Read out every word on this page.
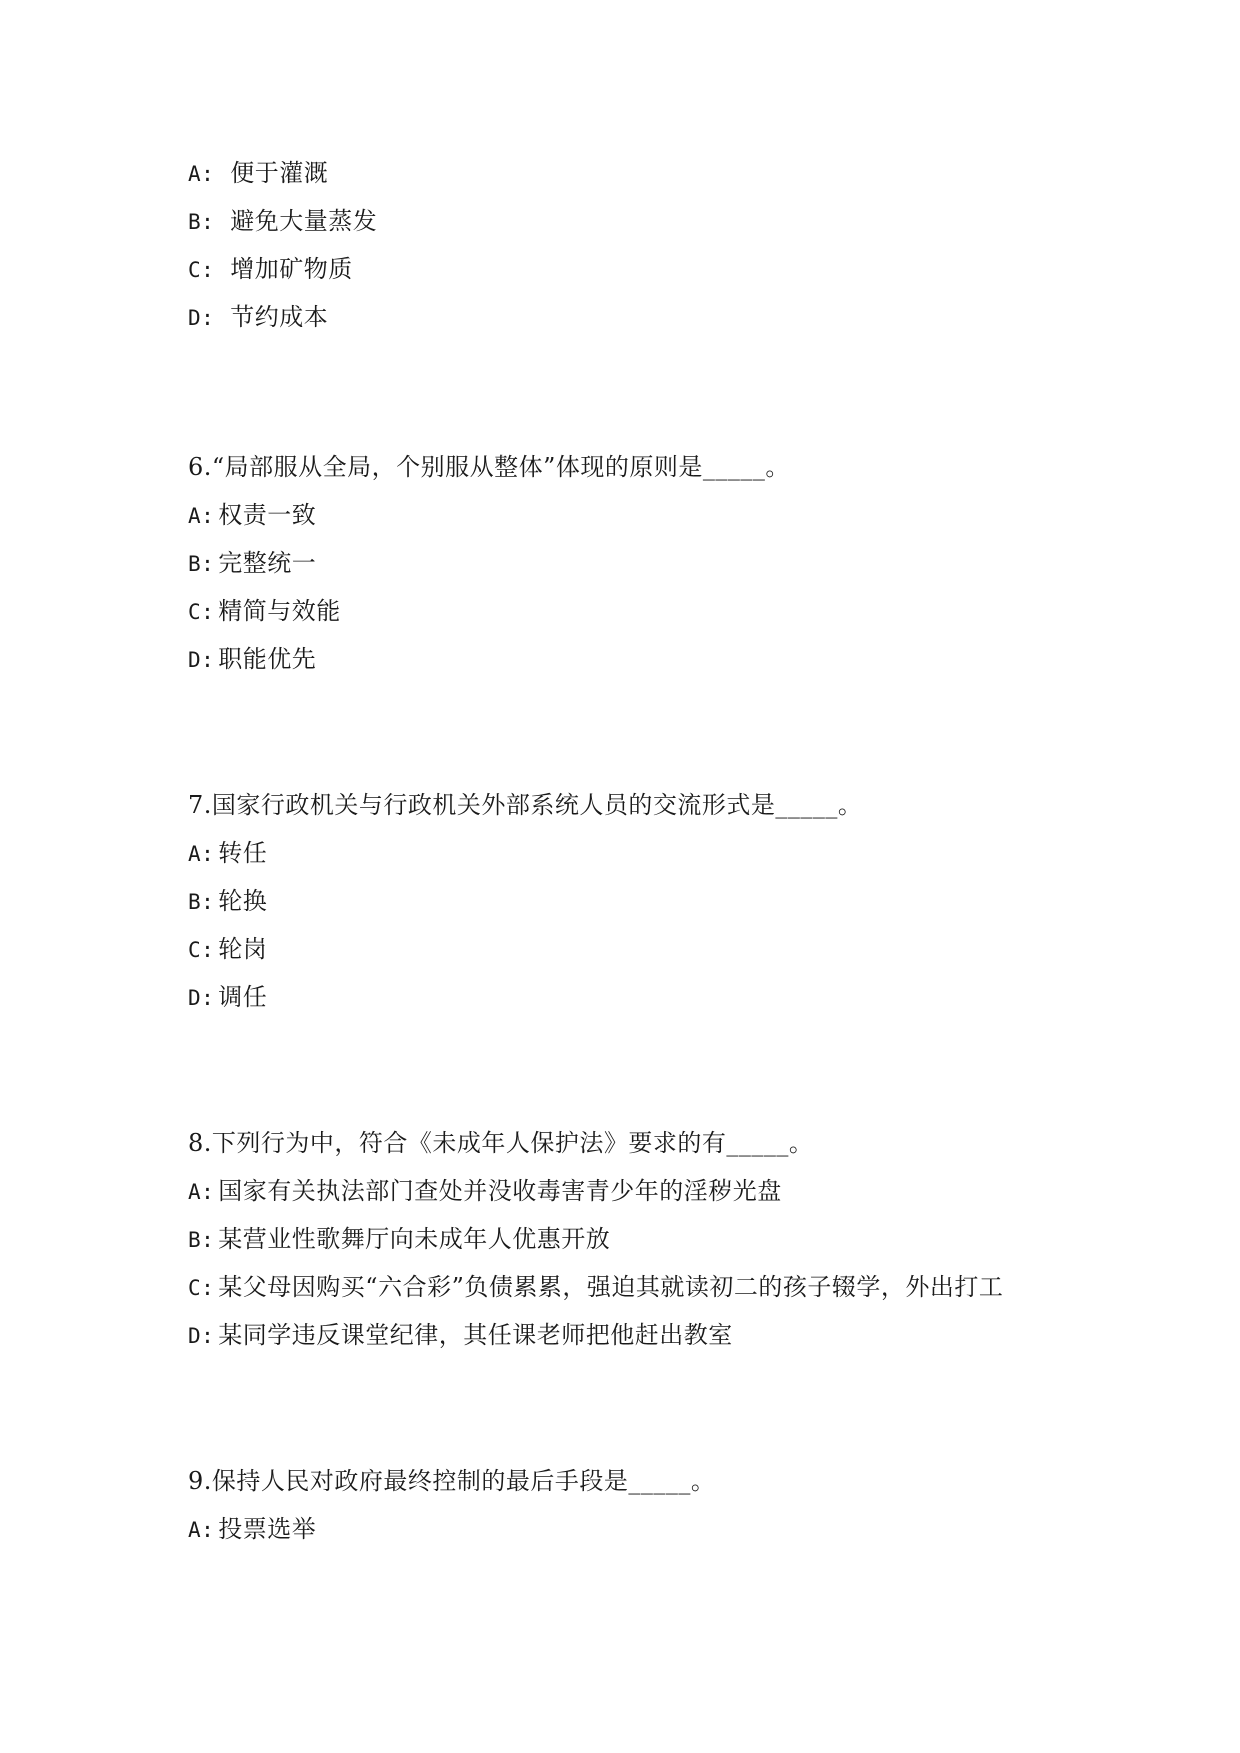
A: 便于灌溉
B: 避免大量蒸发
C: 增加矿物质
D: 节约成本
6.“局部服从全局，个别服从整体”体现的原则是_____。
A: 权责一致
B: 完整统一
C: 精简与效能
D: 职能优先
7.国家行政机关与行政机关外部系统人员的交流形式是_____。
A: 转任
B: 轮换
C: 轮岗
D: 调任
8.下列行为中，符合《未成年人保护法》要求的有_____。
A: 国家有关执法部门查处并没收毒害青少年的淫秽光盘
B: 某营业性歌舞厅向未成年人优惠开放
C: 某父母因购买“六合彩”负债累累，强迫其就读初二的孩子辍学，外出打工
D: 某同学违反课堂纪律，其任课老师把他赶出教室
9.保持人民对政府最终控制的最后手段是_____。
A: 投票选举
